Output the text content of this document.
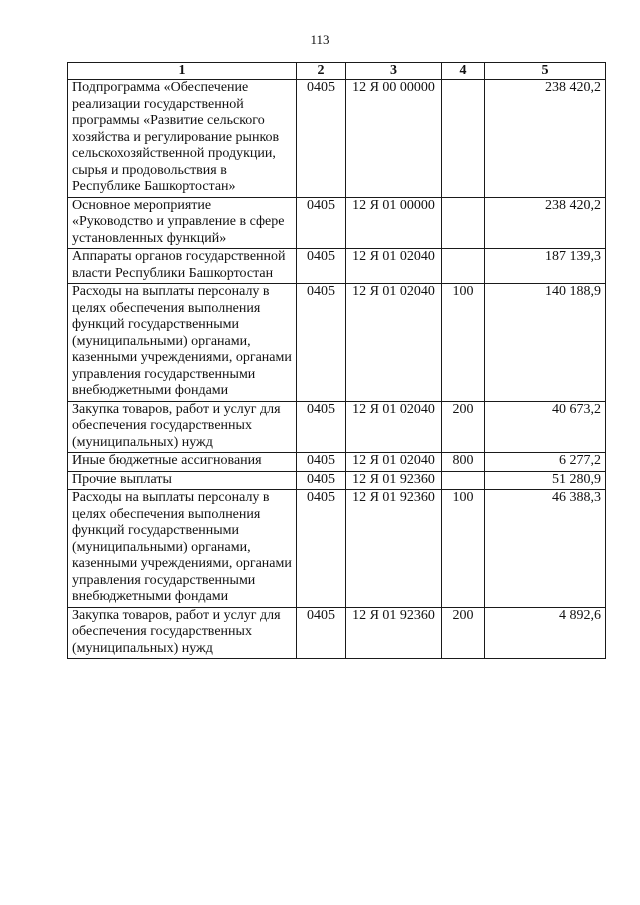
113
1	2	3	4	5
Подпрограмма «Обеспечение реализации государственной программы «Развитие сельского хозяйства и регулирование рынков сельскохозяйственной продукции, сырья и продовольствия в Республике Башкортостан»	0405	12 Я 00 00000		238 420,2
Основное мероприятие «Руководство и управление в сфере установленных функций»	0405	12 Я 01 00000		238 420,2
Аппараты органов государственной власти Республики Башкортостан	0405	12 Я 01 02040		187 139,3
Расходы на выплаты персоналу в целях обеспечения выполнения функций государственными (муниципальными) органами, казенными учреждениями, органами управления государственными внебюджетными фондами	0405	12 Я 01 02040	100	140 188,9
Закупка товаров, работ и услуг для обеспечения государственных (муниципальных) нужд	0405	12 Я 01 02040	200	40 673,2
Иные бюджетные ассигнования	0405	12 Я 01 02040	800	6 277,2
Прочие выплаты	0405	12 Я 01 92360		51 280,9
Расходы на выплаты персоналу в целях обеспечения выполнения функций государственными (муниципальными) органами, казенными учреждениями, органами управления государственными внебюджетными фондами	0405	12 Я 01 92360	100	46 388,3
Закупка товаров, работ и услуг для обеспечения государственных (муниципальных) нужд	0405	12 Я 01 92360	200	4 892,6
